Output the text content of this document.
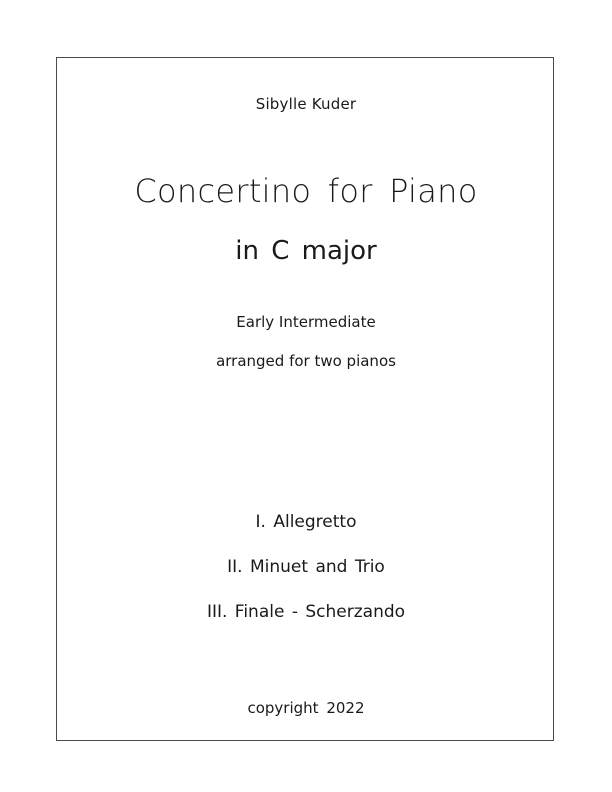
Sibylle Kuder
Concertino for Piano
in C major
Early Intermediate
arranged for two pianos
I. Allegretto
II. Minuet and Trio
III. Finale - Scherzando
copyright 2022
